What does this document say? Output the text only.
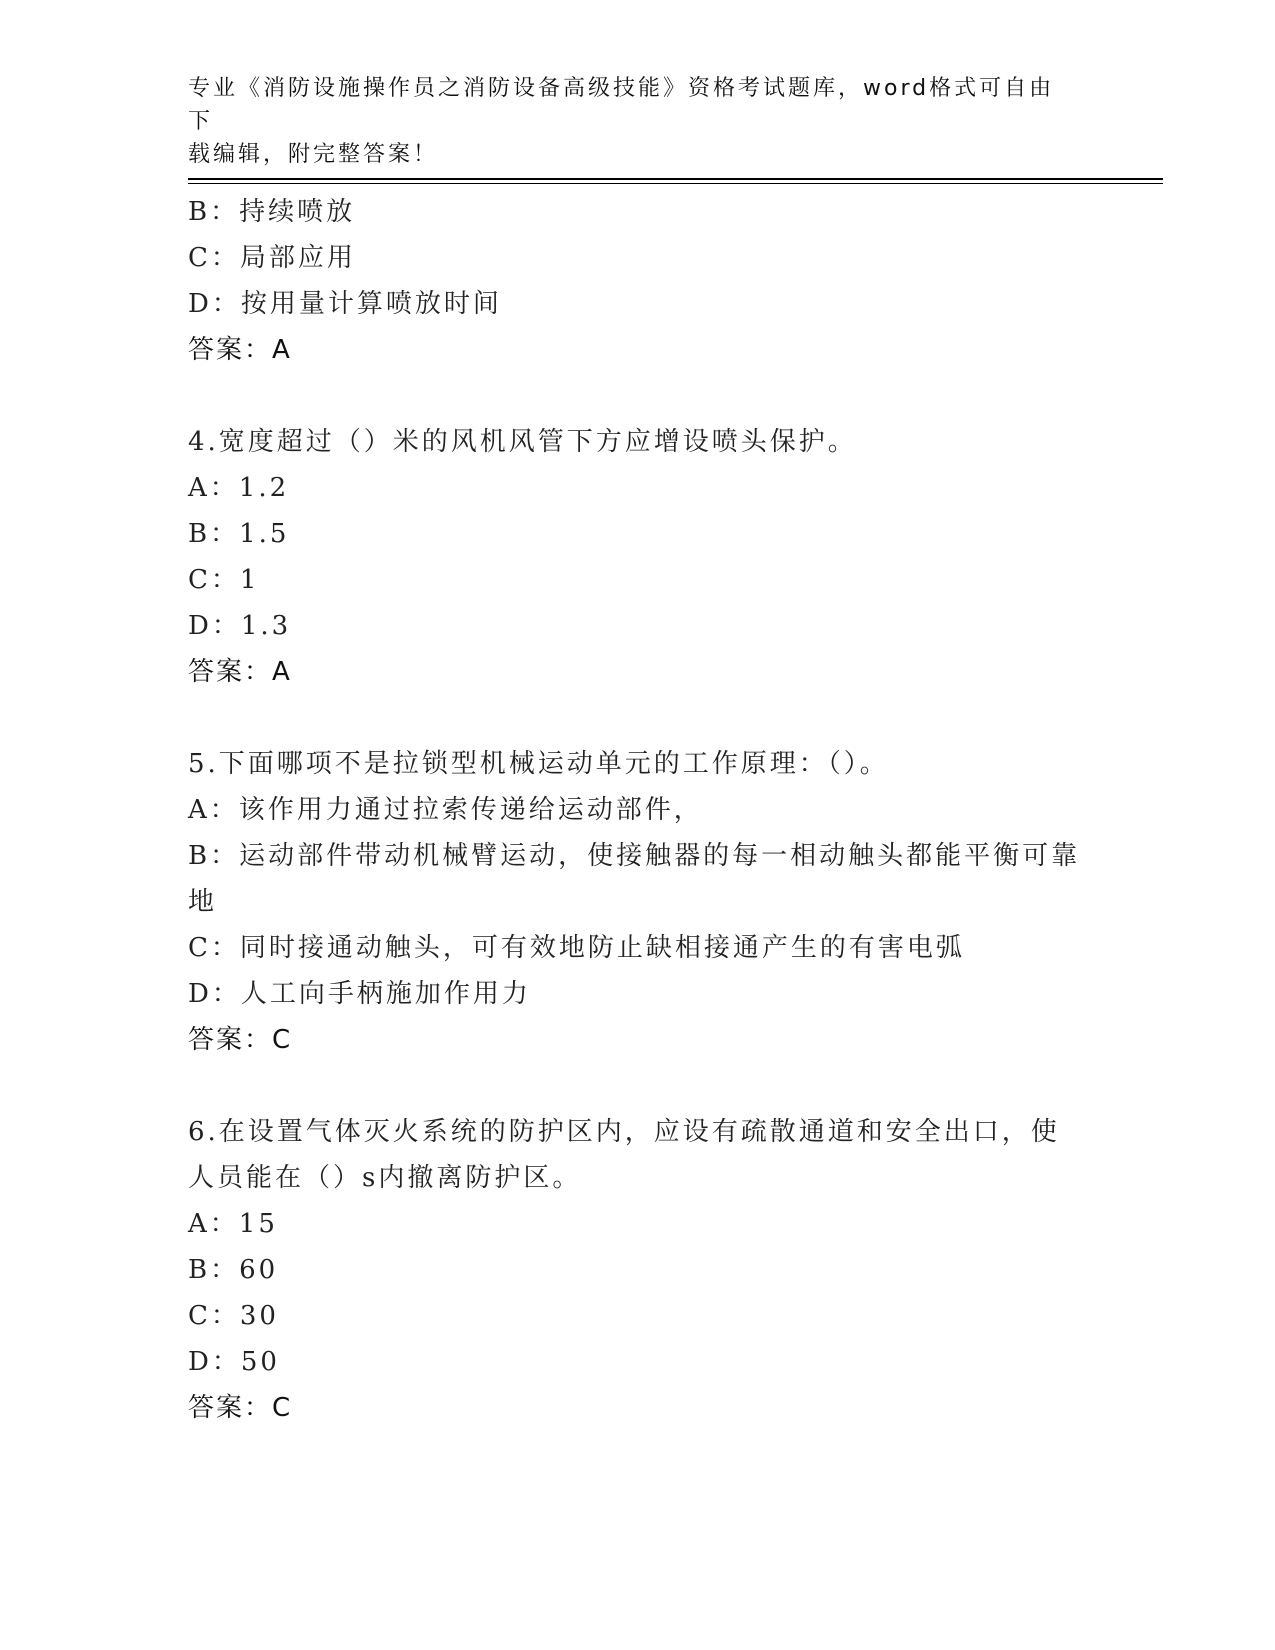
专业《消防设施操作员之消防设备高级技能》资格考试题库，word格式可自由下
载编辑，附完整答案！
B：持续喷放
C：局部应用
D：按用量计算喷放时间
答案：A
4.宽度超过（）米的风机风管下方应增设喷头保护。
A：1.2
B：1.5
C：1
D：1.3
答案：A
5.下面哪项不是拉锁型机械运动单元的工作原理：（）。
A：该作用力通过拉索传递给运动部件，
B：运动部件带动机械臂运动，使接触器的每一相动触头都能平衡可靠
地
C：同时接通动触头，可有效地防止缺相接通产生的有害电弧
D：人工向手柄施加作用力
答案：C
6.在设置气体灭火系统的防护区内，应设有疏散通道和安全出口，使
人员能在（）s内撤离防护区。
A：15
B：60
C：30
D：50
答案：C
